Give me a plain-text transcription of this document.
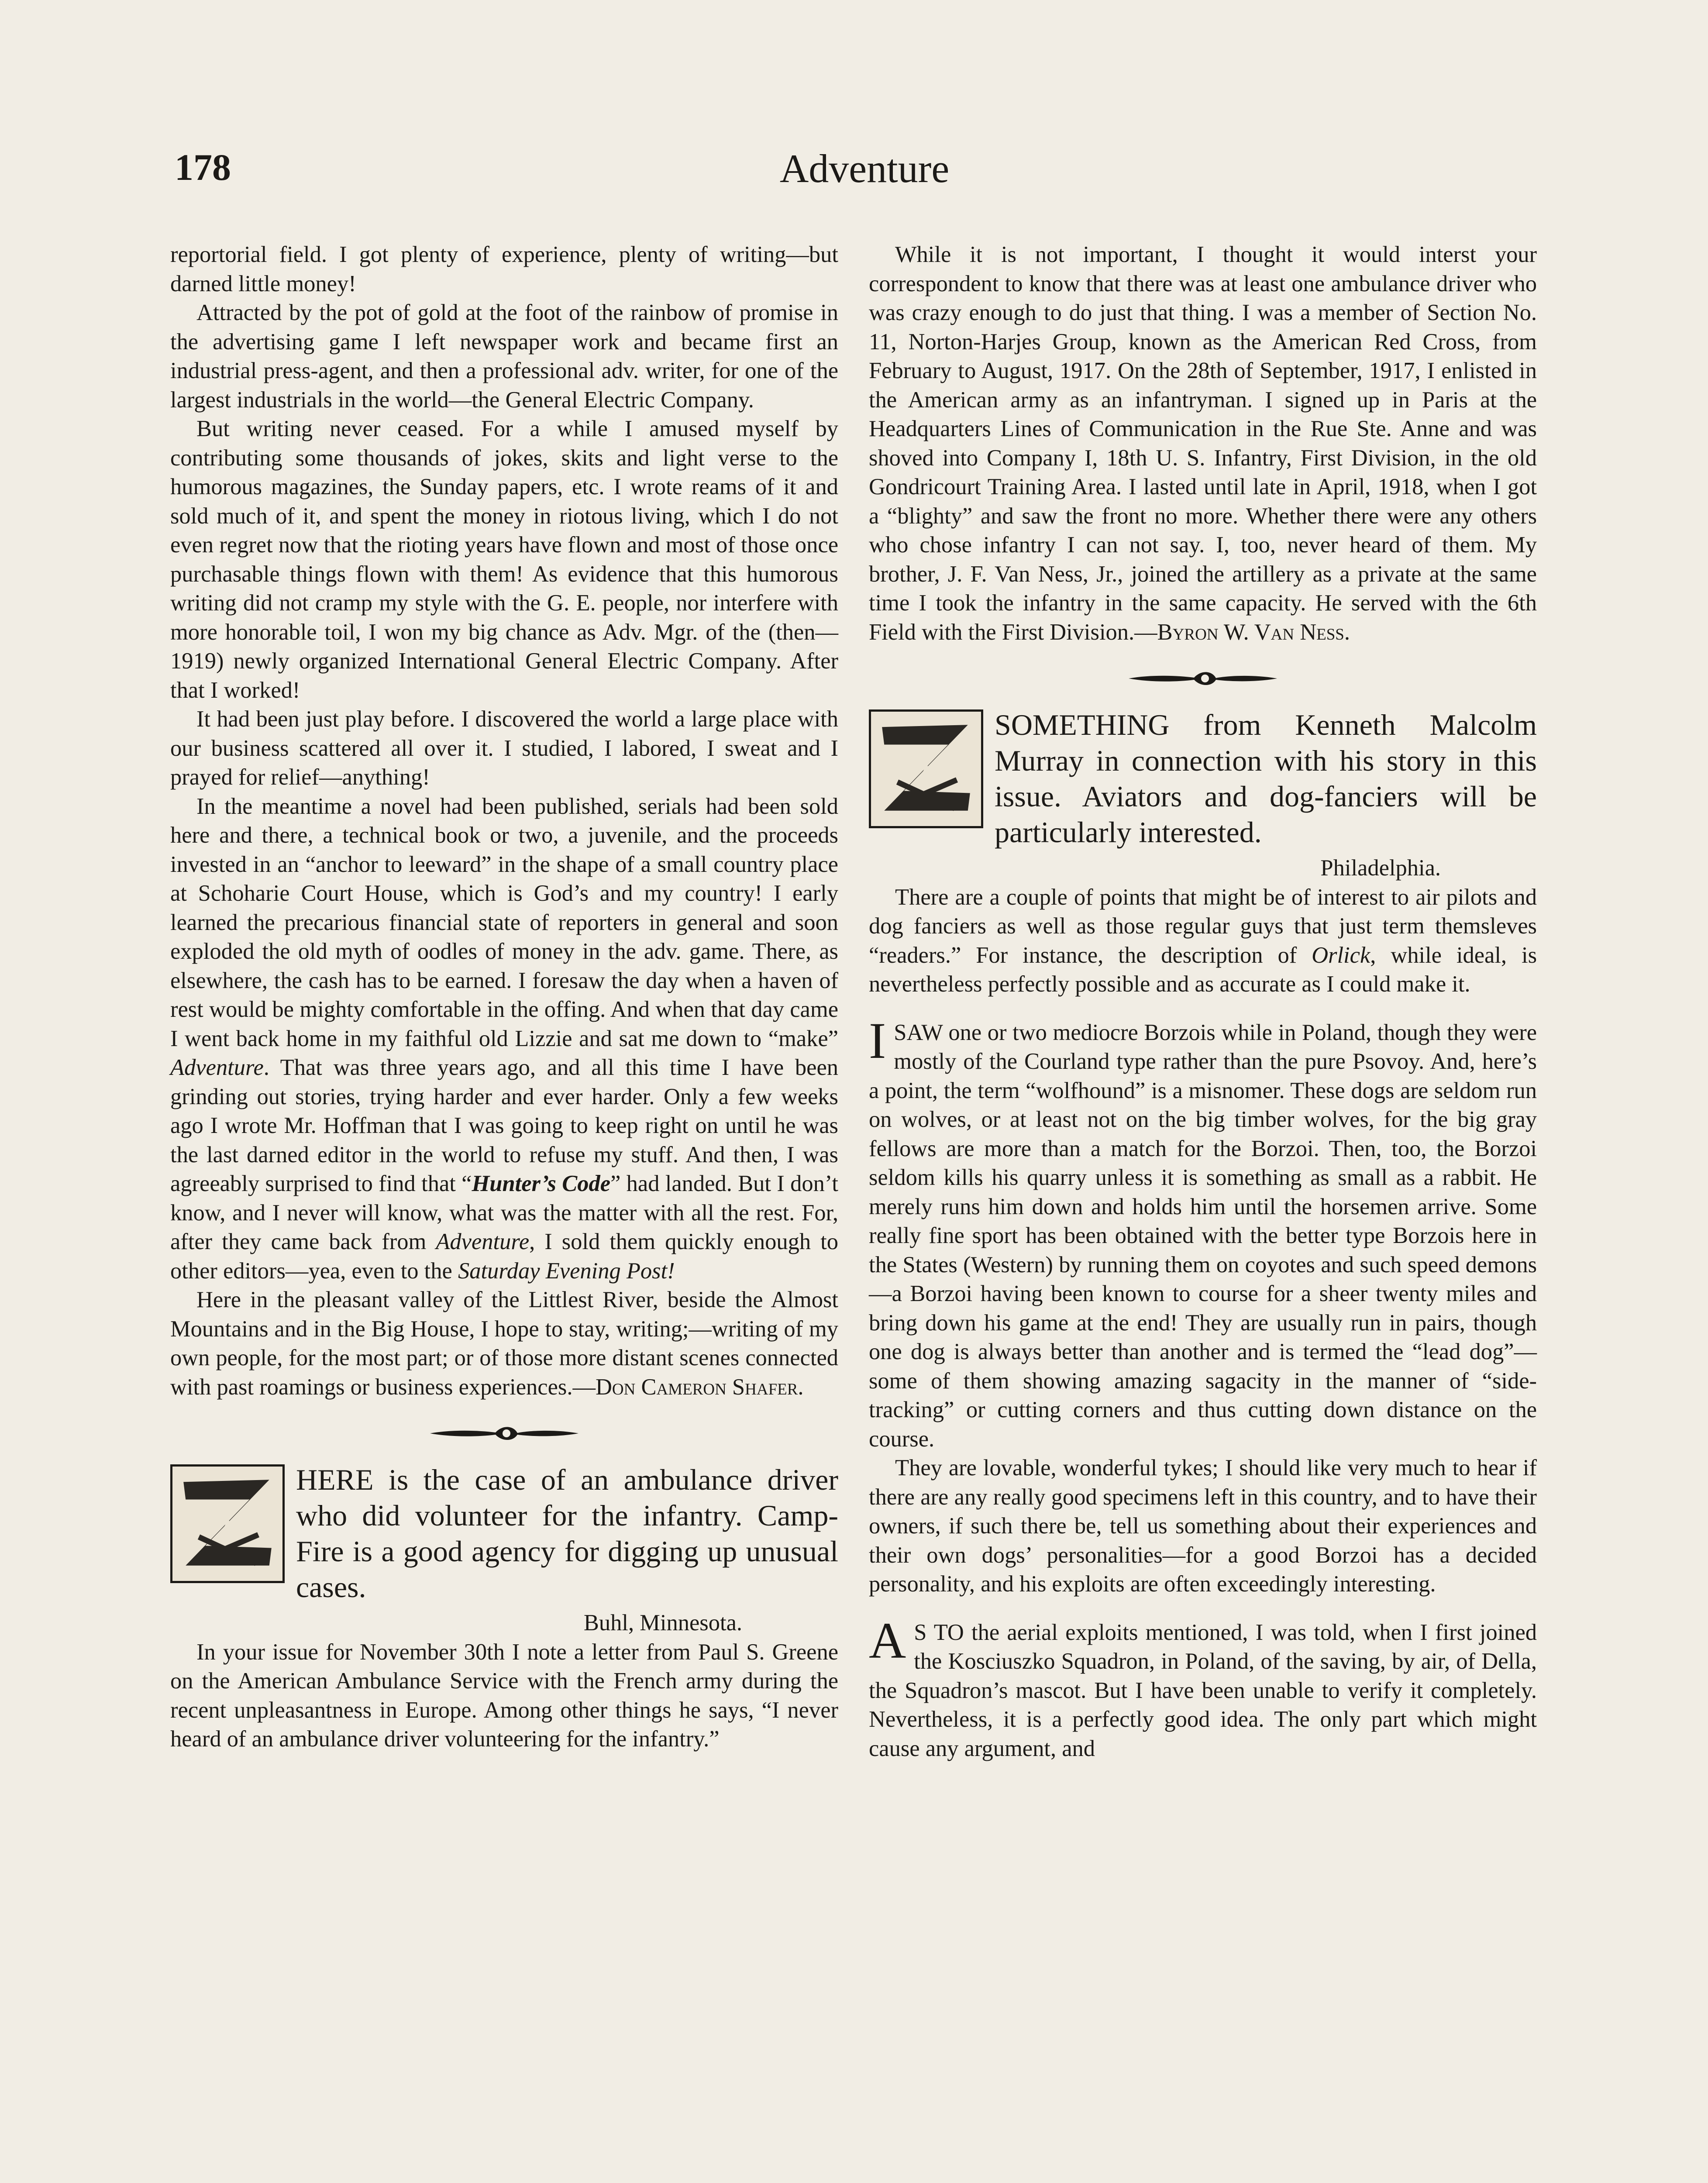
178	Adventure

reportorial field. I got plenty of experience, plenty of writing—but darned little money!

Attracted by the pot of gold at the foot of the rainbow of promise in the advertising game I left newspaper work and became first an industrial press-agent, and then a professional adv. writer, for one of the largest industrials in the world—the General Electric Company.

But writing never ceased. For a while I amused myself by contributing some thousands of jokes, skits and light verse to the humorous magazines, the Sunday papers, etc. I wrote reams of it and sold much of it, and spent the money in riotous living, which I do not even regret now that the rioting years have flown and most of those once purchasable things flown with them! As evidence that this humorous writing did not cramp my style with the G. E. people, nor interfere with more honorable toil, I won my big chance as Adv. Mgr. of the (then—1919) newly organized International General Electric Company. After that I worked!

It had been just play before. I discovered the world a large place with our business scattered all over it. I studied, I labored, I sweat and I prayed for relief—anything!

In the meantime a novel had been published, serials had been sold here and there, a technical book or two, a juvenile, and the proceeds invested in an “anchor to leeward” in the shape of a small country place at Schoharie Court House, which is God’s and my country! I early learned the precarious financial state of reporters in general and soon exploded the old myth of oodles of money in the adv. game. There, as elsewhere, the cash has to be earned. I foresaw the day when a haven of rest would be mighty comfortable in the offing. And when that day came I went back home in my faithful old Lizzie and sat me down to “make” Adventure. That was three years ago, and all this time I have been grinding out stories, trying harder and ever harder. Only a few weeks ago I wrote Mr. Hoffman that I was going to keep right on until he was the last darned editor in the world to refuse my stuff. And then, I was agreeably surprised to find that “Hunter’s Code” had landed. But I don’t know, and I never will know, what was the matter with all the rest. For, after they came back from Adventure, I sold them quickly enough to other editors—yea, even to the Saturday Evening Post!

Here in the pleasant valley of the Littlest River, beside the Almost Mountains and in the Big House, I hope to stay, writing;—writing of my own people, for the most part; or of those more distant scenes connected with past roamings or business experiences.—Don Cameron Shafer.

HERE is the case of an ambulance driver who did volunteer for the infantry. Camp-Fire is a good agency for digging up unusual cases.

Buhl, Minnesota.

In your issue for November 30th I note a letter from Paul S. Greene on the American Ambulance Service with the French army during the recent unpleasantness in Europe. Among other things he says, “I never heard of an ambulance driver volunteering for the infantry.”

While it is not important, I thought it would interst your correspondent to know that there was at least one ambulance driver who was crazy enough to do just that thing. I was a member of Section No. 11, Norton-Harjes Group, known as the American Red Cross, from February to August, 1917. On the 28th of September, 1917, I enlisted in the American army as an infantryman. I signed up in Paris at the Headquarters Lines of Communication in the Rue Ste. Anne and was shoved into Company I, 18th U. S. Infantry, First Division, in the old Gondricourt Training Area. I lasted until late in April, 1918, when I got a “blighty” and saw the front no more. Whether there were any others who chose infantry I can not say. I, too, never heard of them. My brother, J. F. Van Ness, Jr., joined the artillery as a private at the same time I took the infantry in the same capacity. He served with the 6th Field with the First Division.—Byron W. Van Ness.

SOMETHING from Kenneth Malcolm Murray in connection with his story in this issue. Aviators and dog-fanciers will be particularly interested.

Philadelphia.

There are a couple of points that might be of interest to air pilots and dog fanciers as well as those regular guys that just term themsleves “readers.” For instance, the description of Orlick, while ideal, is nevertheless perfectly possible and as accurate as I could make it.

ISAW one or two mediocre Borzois while in Poland, though they were mostly of the Courland type rather than the pure Psovoy. And, here’s a point, the term “wolfhound” is a misnomer. These dogs are seldom run on wolves, or at least not on the big timber wolves, for the big gray fellows are more than a match for the Borzoi. Then, too, the Borzoi seldom kills his quarry unless it is something as small as a rabbit. He merely runs him down and holds him until the horsemen arrive. Some really fine sport has been obtained with the better type Borzois here in the States (Western) by running them on coyotes and such speed demons—a Borzoi having been known to course for a sheer twenty miles and bring down his game at the end! They are usually run in pairs, though one dog is always better than another and is termed the “lead dog”—some of them showing amazing sagacity in the manner of “side-tracking” or cutting corners and thus cutting down distance on the course.

They are lovable, wonderful tykes; I should like very much to hear if there are any really good specimens left in this country, and to have their owners, if such there be, tell us something about their experiences and their own dogs’ personalities—for a good Borzoi has a decided personality, and his exploits are often exceedingly interesting.

A S TO the aerial exploits mentioned, I was told, when I first joined the Kosciuszko Squadron, in Poland, of the saving, by air, of Della, the Squadron’s mascot. But I have been unable to verify it completely. Nevertheless, it is a perfectly good idea. The only part which might cause any argument, and
